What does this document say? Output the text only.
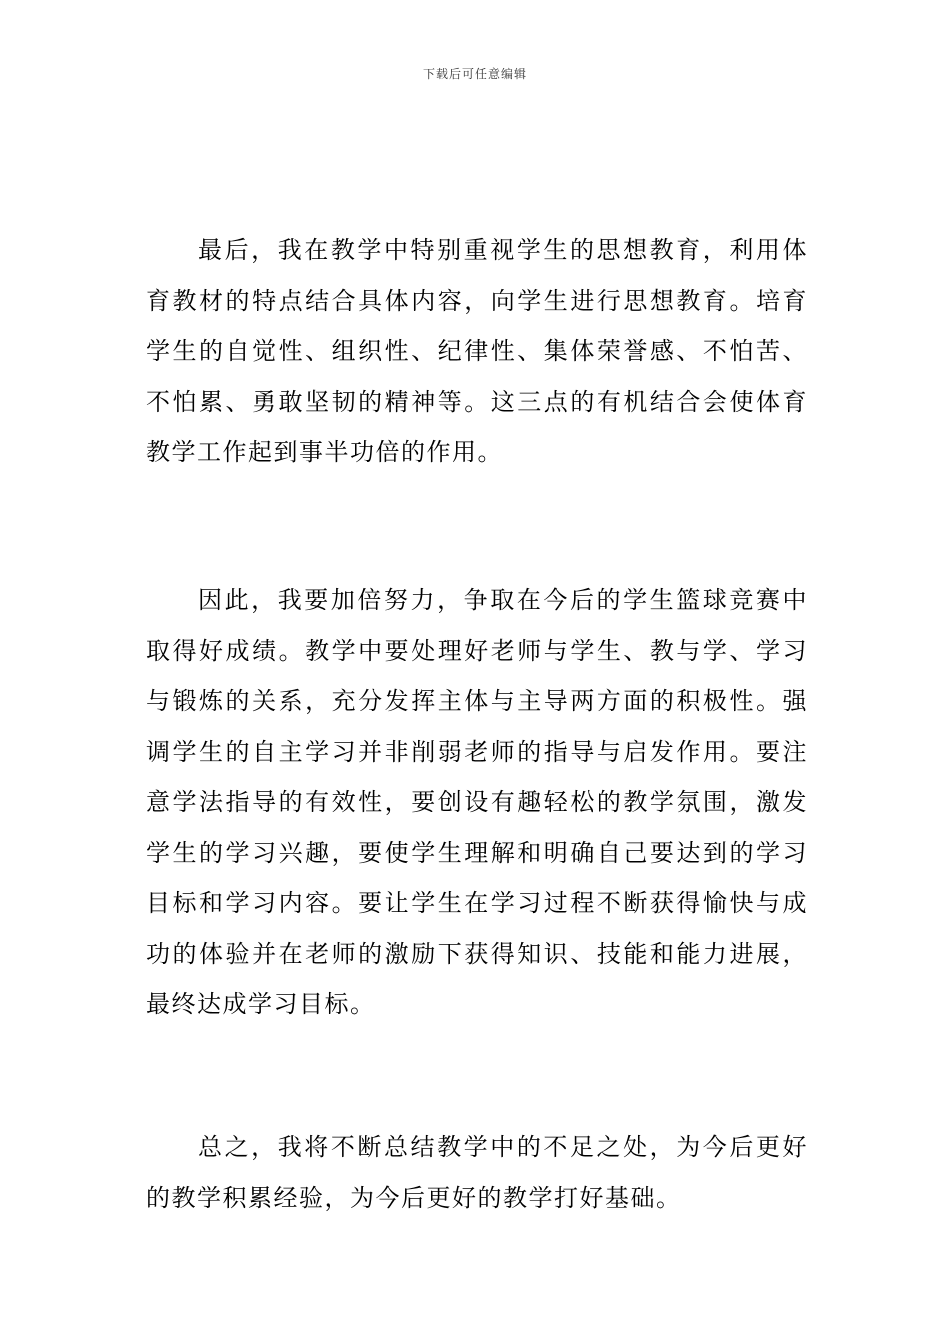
下载后可任意编辑

最后，我在教学中特别重视学生的思想教育，利用体育教材的特点结合具体内容，向学生进行思想教育。培育学生的自觉性、组织性、纪律性、集体荣誉感、不怕苦、不怕累、勇敢坚韧的精神等。这三点的有机结合会使体育教学工作起到事半功倍的作用。

因此，我要加倍努力，争取在今后的学生篮球竞赛中取得好成绩。教学中要处理好老师与学生、教与学、学习与锻炼的关系，充分发挥主体与主导两方面的积极性。强调学生的自主学习并非削弱老师的指导与启发作用。要注意学法指导的有效性，要创设有趣轻松的教学氛围，激发学生的学习兴趣，要使学生理解和明确自己要达到的学习目标和学习内容。要让学生在学习过程不断获得愉快与成功的体验并在老师的激励下获得知识、技能和能力进展，最终达成学习目标。

总之，我将不断总结教学中的不足之处，为今后更好的教学积累经验，为今后更好的教学打好基础。
